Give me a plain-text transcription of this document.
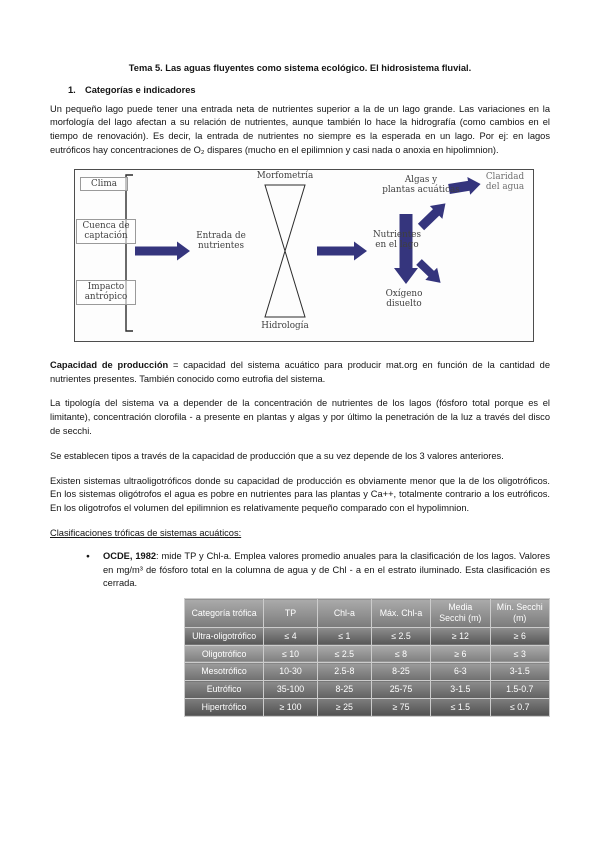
Tema 5. Las aguas fluyentes como sistema ecológico. El hidrosistema fluvial.
1. Categorías e indicadores

Un pequeño lago puede tener una entrada neta de nutrientes superior a la de un lago grande. Las variaciones en la morfología del lago afectan a su relación de nutrientes, aunque también lo hace la hidrografía (como cambios en el tiempo de renovación). Es decir, la entrada de nutrientes no siempre es la esperada en un lago. Por ej: en lagos eutróficos hay concentraciones de O₂ dispares (mucho en el epilimnion y casi nada o anoxia en hipolimnion).

Clima
Cuenca de
captación
Impacto
antrópico
Entrada de
nutrientes
Morfometría
Hidrología
Nutrientes
en el lago
Algas y
plantas acuáticas
Oxígeno
disuelto
Claridad
del agua

Capacidad de producción = capacidad del sistema acuático para producir mat.org en función de la cantidad de nutrientes presentes. También conocido como eutrofia del sistema.

La tipología del sistema va a depender de la concentración de nutrientes de los lagos (fósforo total porque es el limitante), concentración clorofila - a presente en plantas y algas y por último la penetración de la luz a través del disco de secchi.

Se establecen tipos a través de la capacidad de producción que a su vez depende de los 3 valores anteriores.

Existen sistemas ultraoligotróficos donde su capacidad de producción es obviamente menor que la de los oligotróficos. En los sistemas oligótrofos el agua es pobre en nutrientes para las plantas y Ca++, totalmente contrario a los eutróficos. En los oligotrofos el volumen del epilimnion es relativamente pequeño comparado con el hypolimnion.

Clasificaciones tróficas de sistemas acuáticos:
●	OCDE, 1982: mide TP y Chl-a. Emplea valores promedio anuales para la clasificación de los lagos. Valores en mg/m³ de fósforo total en la columna de agua y de Chl - a en el estrato iluminado. Esta clasificación es cerrada.
Categoría trófica	TP	Chl-a	Máx. Chl-a	Media Secchi (m)	Mín. Secchi (m)
Ultra-oligotrófico	≤ 4	≤ 1	≤ 2.5	≥ 12	≥ 6
Oligotrófico	≤ 10	≤ 2.5	≤ 8	≥ 6	≤ 3
Mesotrófico	10-30	2.5-8	8-25	6-3	3-1.5
Eutrófico	35-100	8-25	25-75	3-1.5	1.5-0.7
Hipertrófico	≥ 100	≥ 25	≥ 75	≤ 1.5	≤ 0.7
